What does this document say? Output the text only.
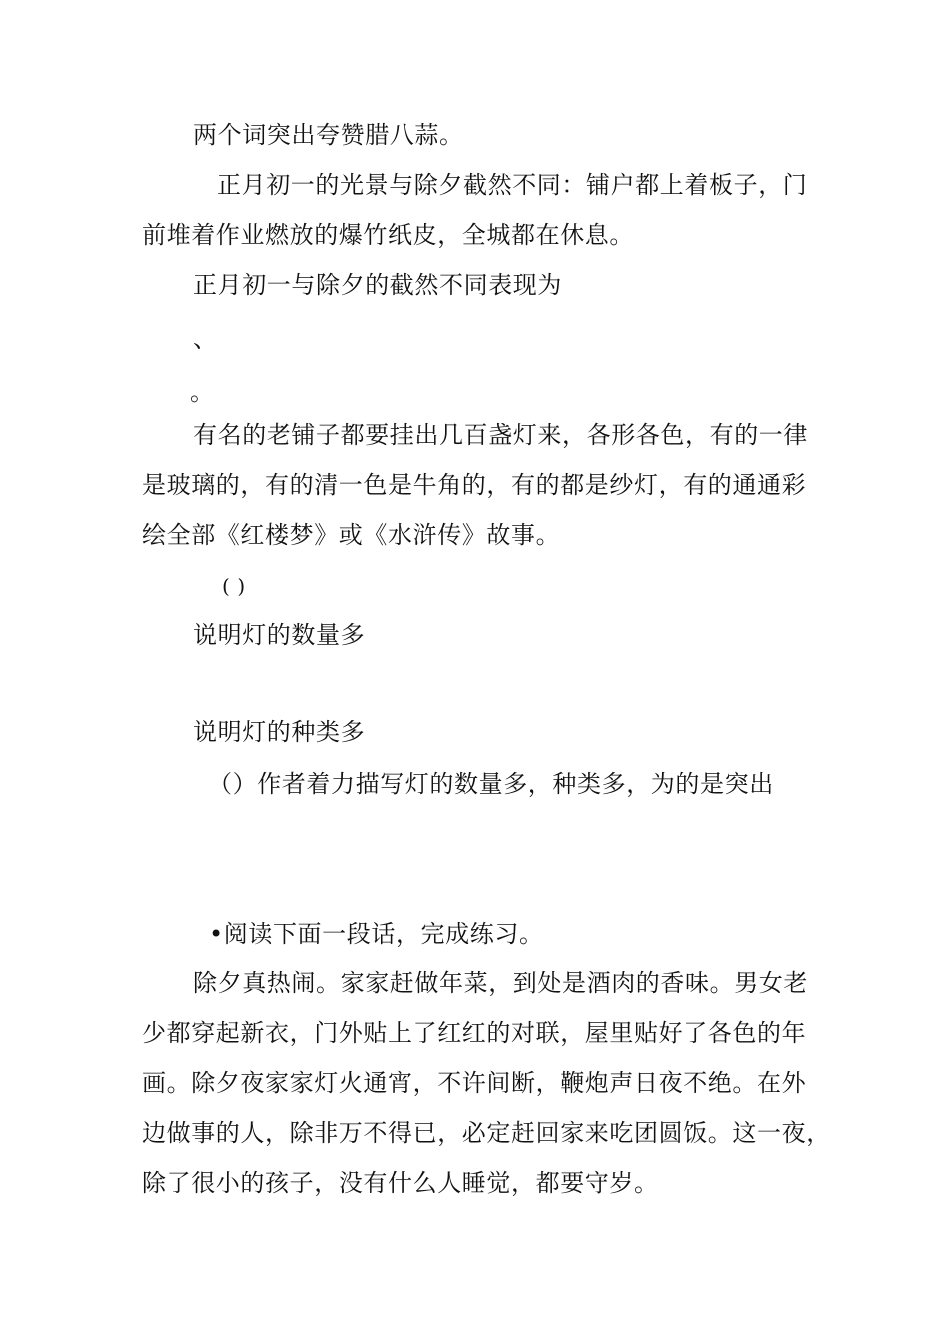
两个词突出夸赞腊八蒜。
正月初一的光景与除夕截然不同：铺户都上着板子，门
前堆着作业燃放的爆竹纸皮，全城都在休息。
正月初一与除夕的截然不同表现为
、
。
有名的老铺子都要挂出几百盏灯来，各形各色，有的一律
是玻璃的，有的清一色是牛角的，有的都是纱灯，有的通通彩
绘全部《红楼梦》或《水浒传》故事。
( )
说明灯的数量多
说明灯的种类多
（）作者着力描写灯的数量多，种类多，为的是突出
•阅读下面一段话，完成练习。
除夕真热闹。家家赶做年菜，到处是酒肉的香味。男女老
少都穿起新衣，门外贴上了红红的对联，屋里贴好了各色的年
画。除夕夜家家灯火通宵，不许间断，鞭炮声日夜不绝。在外
边做事的人，除非万不得已，必定赶回家来吃团圆饭。这一夜，
除了很小的孩子，没有什么人睡觉，都要守岁。
